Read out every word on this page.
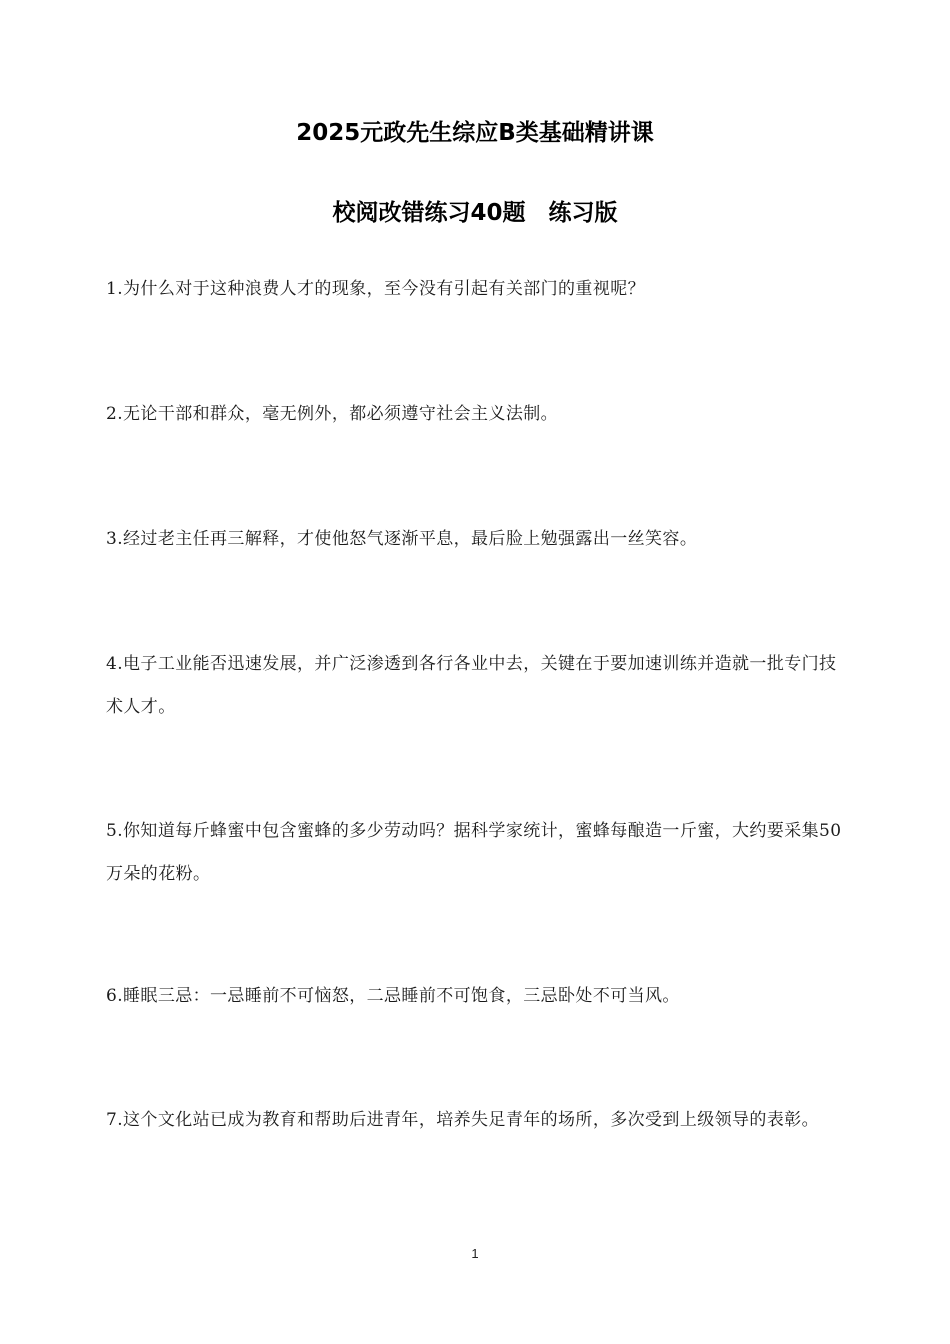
2025元政先生综应B类基础精讲课
校阅改错练习40题　练习版

1.为什么对于这种浪费人才的现象，至今没有引起有关部门的重视呢？

2.无论干部和群众，毫无例外，都必须遵守社会主义法制。

3.经过老主任再三解释，才使他怒气逐渐平息，最后脸上勉强露出一丝笑容。

4.电子工业能否迅速发展，并广泛渗透到各行各业中去，关键在于要加速训练并造就一批专门技术人才。

5.你知道每斤蜂蜜中包含蜜蜂的多少劳动吗？据科学家统计，蜜蜂每酿造一斤蜜，大约要采集50万朵的花粉。

6.睡眠三忌：一忌睡前不可恼怒，二忌睡前不可饱食，三忌卧处不可当风。

7.这个文化站已成为教育和帮助后进青年，培养失足青年的场所，多次受到上级领导的表彰。

1
